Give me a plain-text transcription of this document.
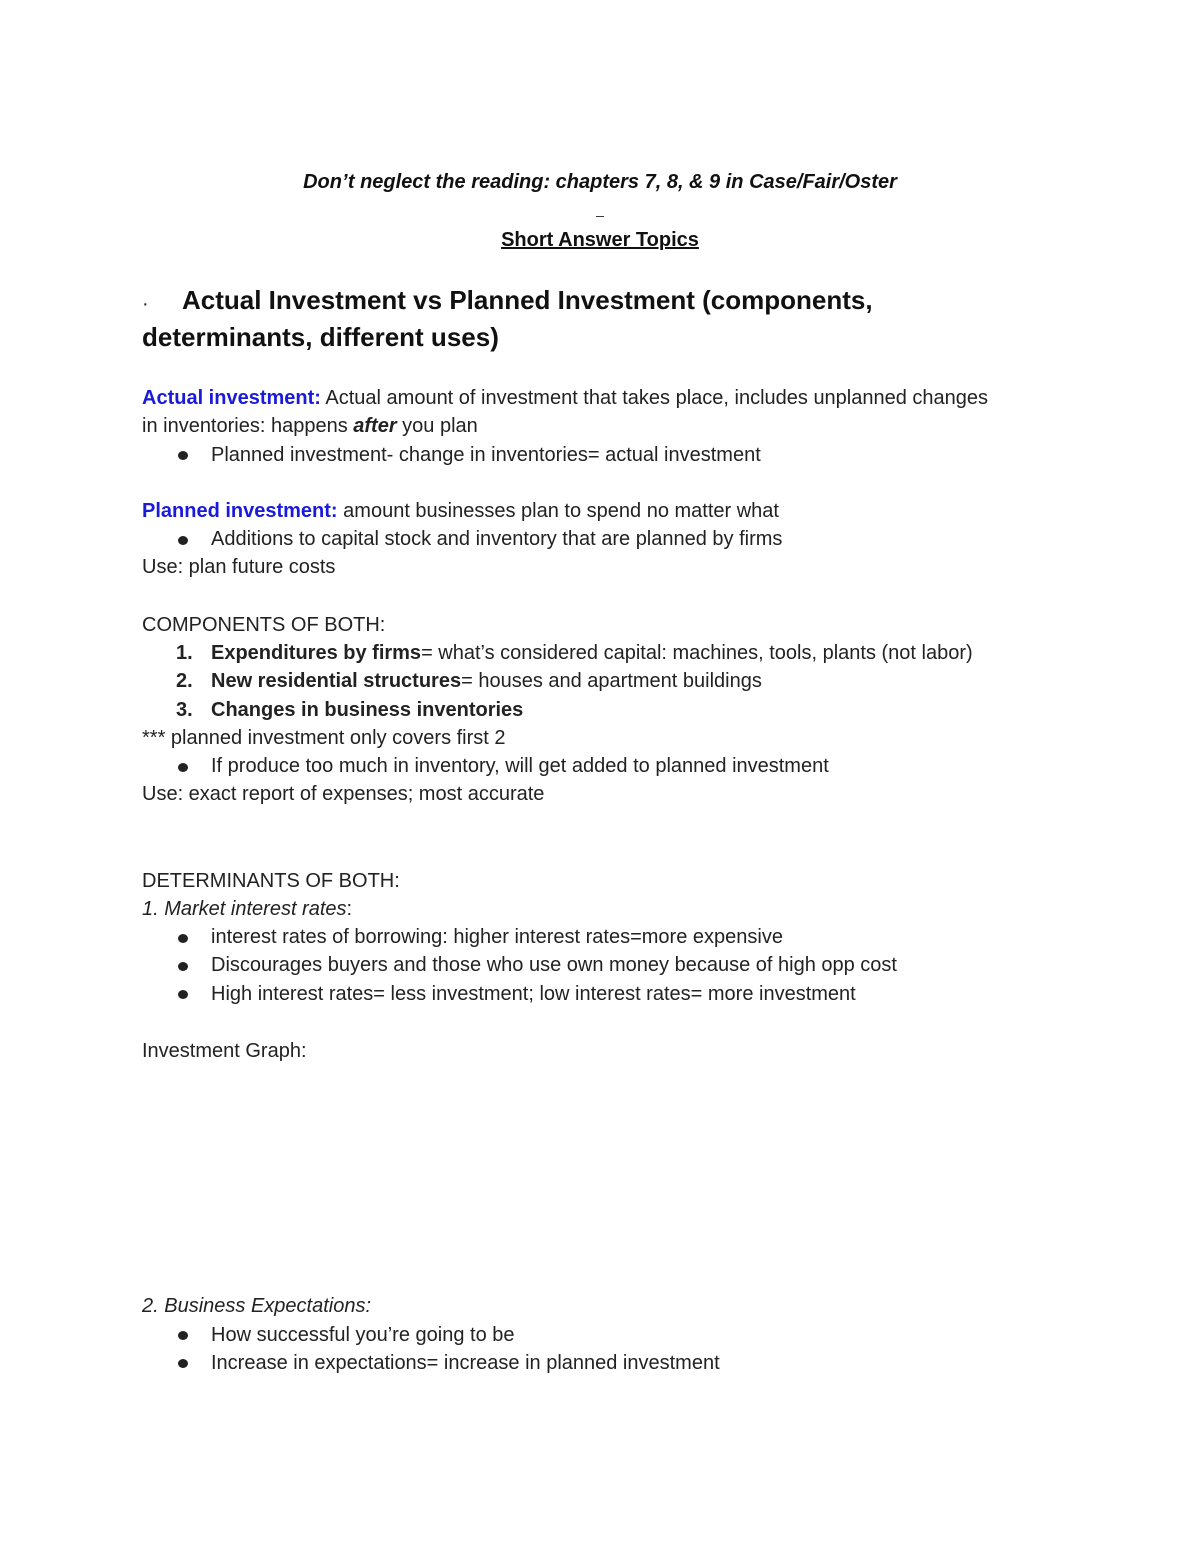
Don’t neglect the reading: chapters 7, 8, & 9 in Case/Fair/Oster
_
Short Answer Topics
· Actual Investment vs Planned Investment (components,
determinants, different uses)
Actual investment: Actual amount of investment that takes place, includes unplanned changes
in inventories: happens after you plan
Planned investment- change in inventories= actual investment
Planned investment: amount businesses plan to spend no matter what
Additions to capital stock and inventory that are planned by firms
Use: plan future costs
COMPONENTS OF BOTH:
1. Expenditures by firms= what’s considered capital: machines, tools, plants (not labor)
2. New residential structures= houses and apartment buildings
3. Changes in business inventories
*** planned investment only covers first 2
If produce too much in inventory, will get added to planned investment
Use: exact report of expenses; most accurate
DETERMINANTS OF BOTH:
1. Market interest rates:
interest rates of borrowing: higher interest rates=more expensive
Discourages buyers and those who use own money because of high opp cost
High interest rates= less investment; low interest rates= more investment
Investment Graph:
2. Business Expectations:
How successful you’re going to be
Increase in expectations= increase in planned investment
